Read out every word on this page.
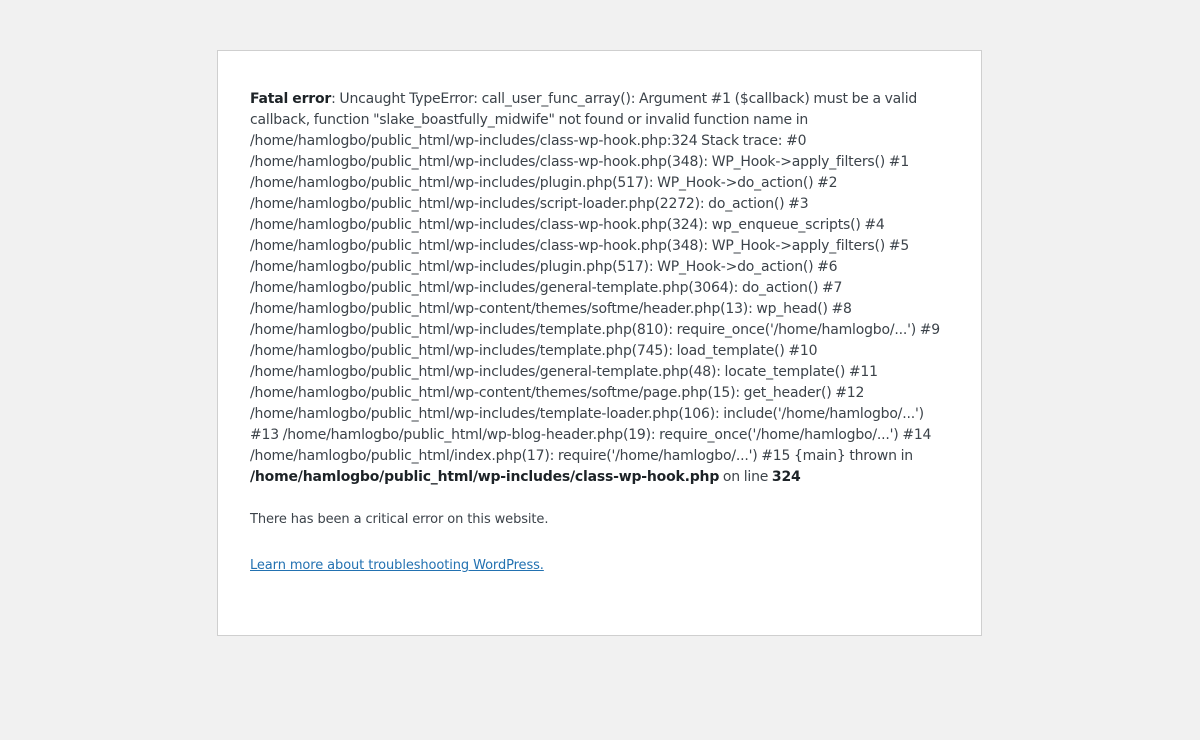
Fatal error: Uncaught TypeError: call_user_func_array(): Argument #1 ($callback) must be a valid callback, function "slake_boastfully_midwife" not found or invalid function name in /home/hamlogbo/public_html/wp-includes/class-wp-hook.php:324 Stack trace: #0 /home/hamlogbo/public_html/wp-includes/class-wp-hook.php(348): WP_Hook->apply_filters() #1 /home/hamlogbo/public_html/wp-includes/plugin.php(517): WP_Hook->do_action() #2 /home/hamlogbo/public_html/wp-includes/script-loader.php(2272): do_action() #3 /home/hamlogbo/public_html/wp-includes/class-wp-hook.php(324): wp_enqueue_scripts() #4 /home/hamlogbo/public_html/wp-includes/class-wp-hook.php(348): WP_Hook->apply_filters() #5 /home/hamlogbo/public_html/wp-includes/plugin.php(517): WP_Hook->do_action() #6 /home/hamlogbo/public_html/wp-includes/general-template.php(3064): do_action() #7 /home/hamlogbo/public_html/wp-content/themes/softme/header.php(13): wp_head() #8 /home/hamlogbo/public_html/wp-includes/template.php(810): require_once('/home/hamlogbo/...') #9 /home/hamlogbo/public_html/wp-includes/template.php(745): load_template() #10 /home/hamlogbo/public_html/wp-includes/general-template.php(48): locate_template() #11 /home/hamlogbo/public_html/wp-content/themes/softme/page.php(15): get_header() #12 /home/hamlogbo/public_html/wp-includes/template-loader.php(106): include('/home/hamlogbo/...') #13 /home/hamlogbo/public_html/wp-blog-header.php(19): require_once('/home/hamlogbo/...') #14 /home/hamlogbo/public_html/index.php(17): require('/home/hamlogbo/...') #15 {main} thrown in /home/hamlogbo/public_html/wp-includes/class-wp-hook.php on line 324

There has been a critical error on this website.

Learn more about troubleshooting WordPress.
